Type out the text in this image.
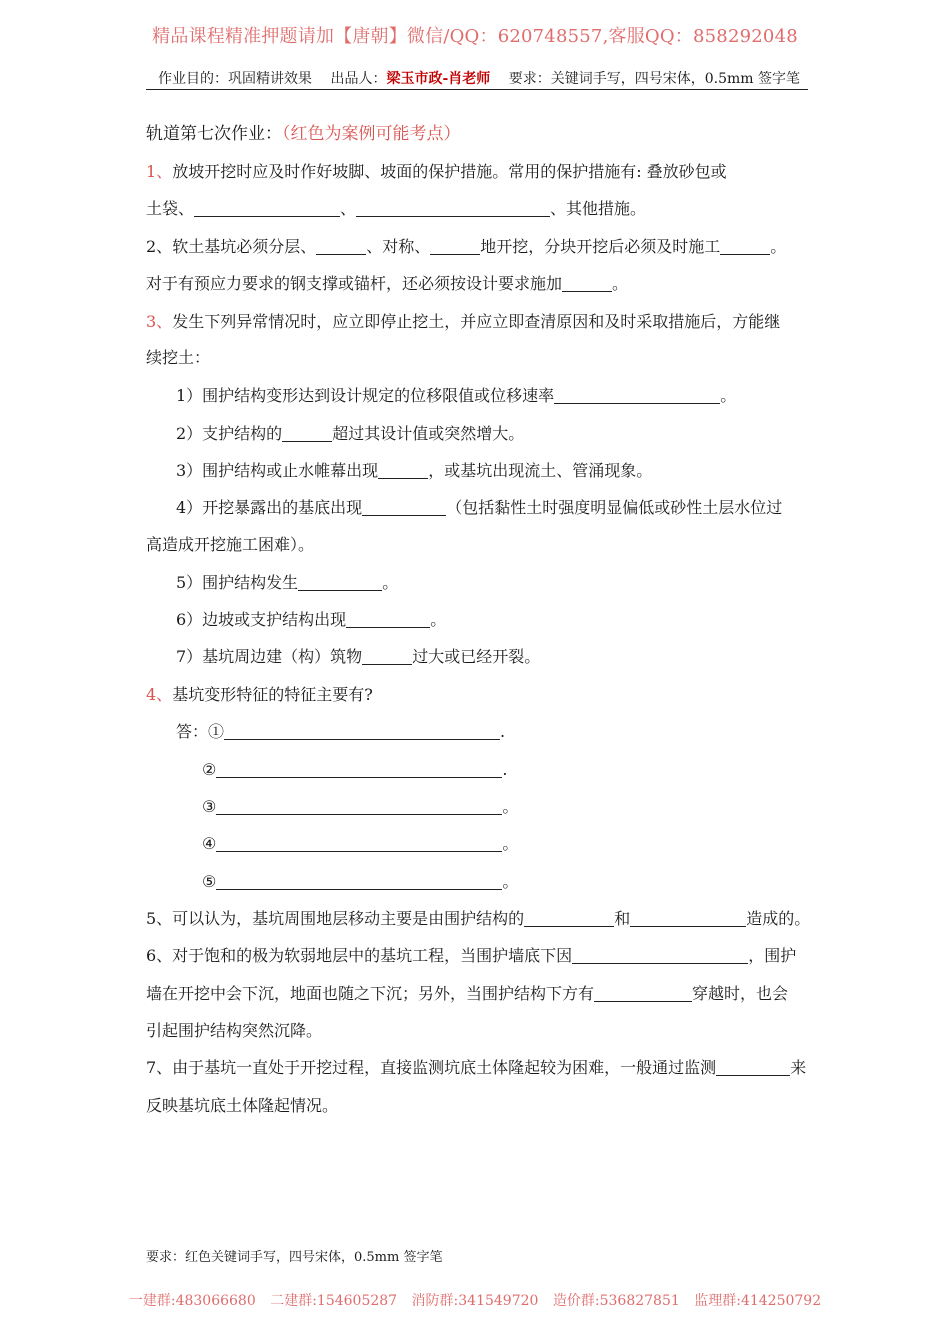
精品课程精准押题请加【唐朝】微信/QQ：620748557,客服QQ：858292048
作业目的：巩固精讲效果 出品人：梁玉市政-肖老师 要求：关键词手写，四号宋体，0.5mm 签字笔
轨道第七次作业：（红色为案例可能考点）
1、放坡开挖时应及时作好坡脚、坡面的保护措施。常用的保护措施有: 叠放砂包或
土袋、	、	、其他措施。
2、软土基坑必须分层、	、对称、	地开挖，分块开挖后必须及时施工	。
对于有预应力要求的钢支撑或锚杆，还必须按设计要求施加	。
3、发生下列异常情况时，应立即停止挖土，并应立即查清原因和及时采取措施后，方能继
续挖土：
1）围护结构变形达到设计规定的位移限值或位移速率	。
2）支护结构的	超过其设计值或突然增大。
3）围护结构或止水帷幕出现	，或基坑出现流土、管涌现象。
4）开挖暴露出的基底出现	（包括黏性土时强度明显偏低或砂性土层水位过
高造成开挖施工困难）。
5）围护结构发生	。
6）边坡或支护结构出现	。
7）基坑周边建（构）筑物	过大或已经开裂。
4、基坑变形特征的特征主要有?
答：①	.
②	.
③	。
④	。
⑤	。
5、可以认为，基坑周围地层移动主要是由围护结构的	和	造成的。
6、对于饱和的极为软弱地层中的基坑工程，当围护墙底下因	，围护
墙在开挖中会下沉，地面也随之下沉；另外，当围护结构下方有	穿越时，也会
引起围护结构突然沉降。
7、由于基坑一直处于开挖过程，直接监测坑底土体隆起较为困难，一般通过监测	来
反映基坑底土体隆起情况。
要求：红色关键词手写，四号宋体，0.5mm 签字笔
一建群:483066680 二建群:154605287 消防群:341549720 造价群:536827851 监理群:414250792
